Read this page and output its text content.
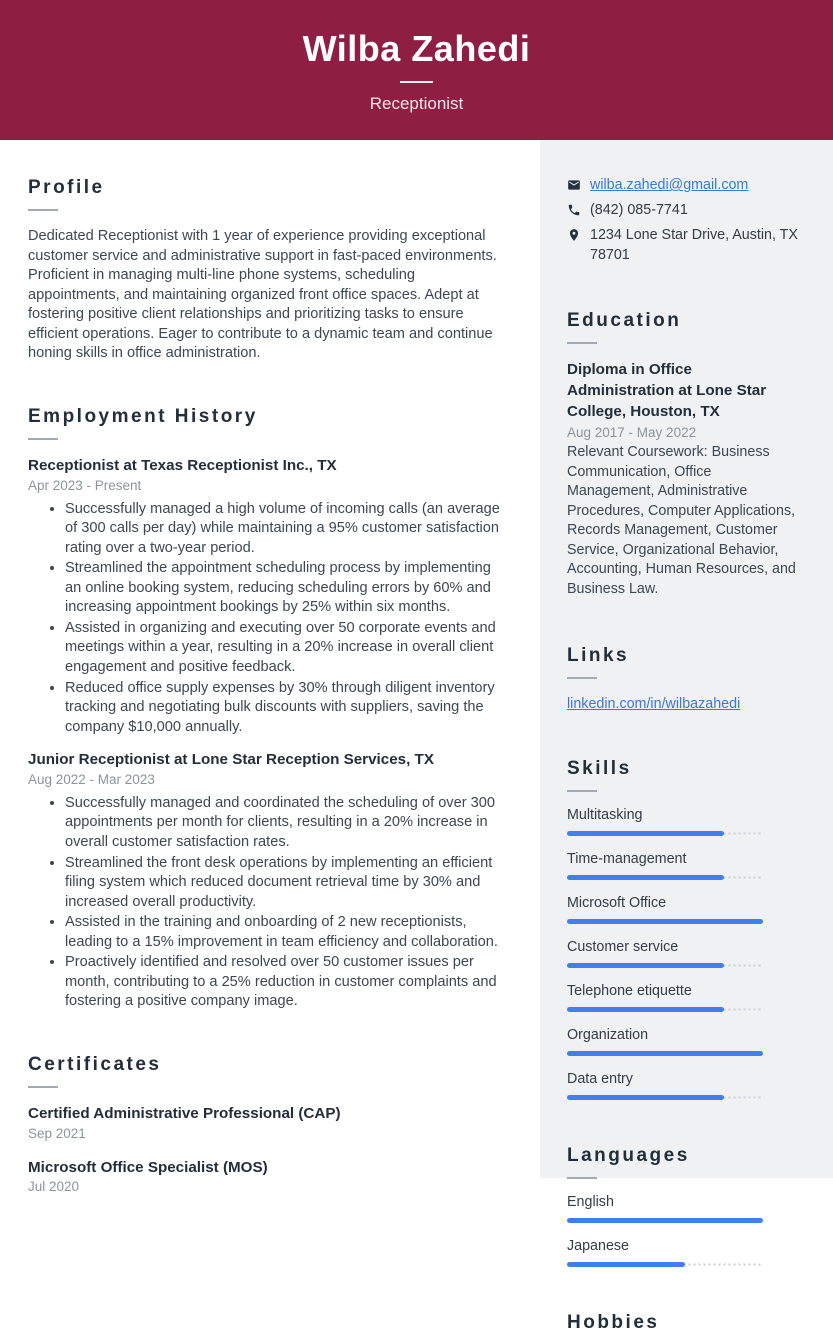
Wilba Zahedi
Receptionist
Profile

Dedicated Receptionist with 1 year of experience providing exceptional customer service and administrative support in fast-paced environments. Proficient in managing multi-line phone systems, scheduling appointments, and maintaining organized front office spaces. Adept at fostering positive client relationships and prioritizing tasks to ensure efficient operations. Eager to contribute to a dynamic team and continue honing skills in office administration.

Employment History
Receptionist at Texas Receptionist Inc., TX
Apr 2023 - Present
• Successfully managed a high volume of incoming calls (an average of 300 calls per day) while maintaining a 95% customer satisfaction rating over a two-year period.
• Streamlined the appointment scheduling process by implementing an online booking system, reducing scheduling errors by 60% and increasing appointment bookings by 25% within six months.
• Assisted in organizing and executing over 50 corporate events and meetings within a year, resulting in a 20% increase in overall client engagement and positive feedback.
• Reduced office supply expenses by 30% through diligent inventory tracking and negotiating bulk discounts with suppliers, saving the company $10,000 annually.
Junior Receptionist at Lone Star Reception Services, TX
Aug 2022 - Mar 2023
• Successfully managed and coordinated the scheduling of over 300 appointments per month for clients, resulting in a 20% increase in overall customer satisfaction rates.
• Streamlined the front desk operations by implementing an efficient filing system which reduced document retrieval time by 30% and increased overall productivity.
• Assisted in the training and onboarding of 2 new receptionists, leading to a 15% improvement in team efficiency and collaboration.
• Proactively identified and resolved over 50 customer issues per month, contributing to a 25% reduction in customer complaints and fostering a positive company image.
Certificates
Certified Administrative Professional (CAP)
Sep 2021
Microsoft Office Specialist (MOS)
Jul 2020
wilba.zahedi@gmail.com
(842) 085-7741
1234 Lone Star Drive, Austin, TX 78701
Education
Diploma in Office Administration at Lone Star College, Houston, TX
Aug 2017 - May 2022
Relevant Coursework: Business Communication, Office Management, Administrative Procedures, Computer Applications, Records Management, Customer Service, Organizational Behavior, Accounting, Human Resources, and Business Law.
Links
linkedin.com/in/wilbazahedi
Skills
Multitasking
Time-management
Microsoft Office
Customer service
Telephone etiquette
Organization
Data entry
Languages
English
Japanese
Hobbies
